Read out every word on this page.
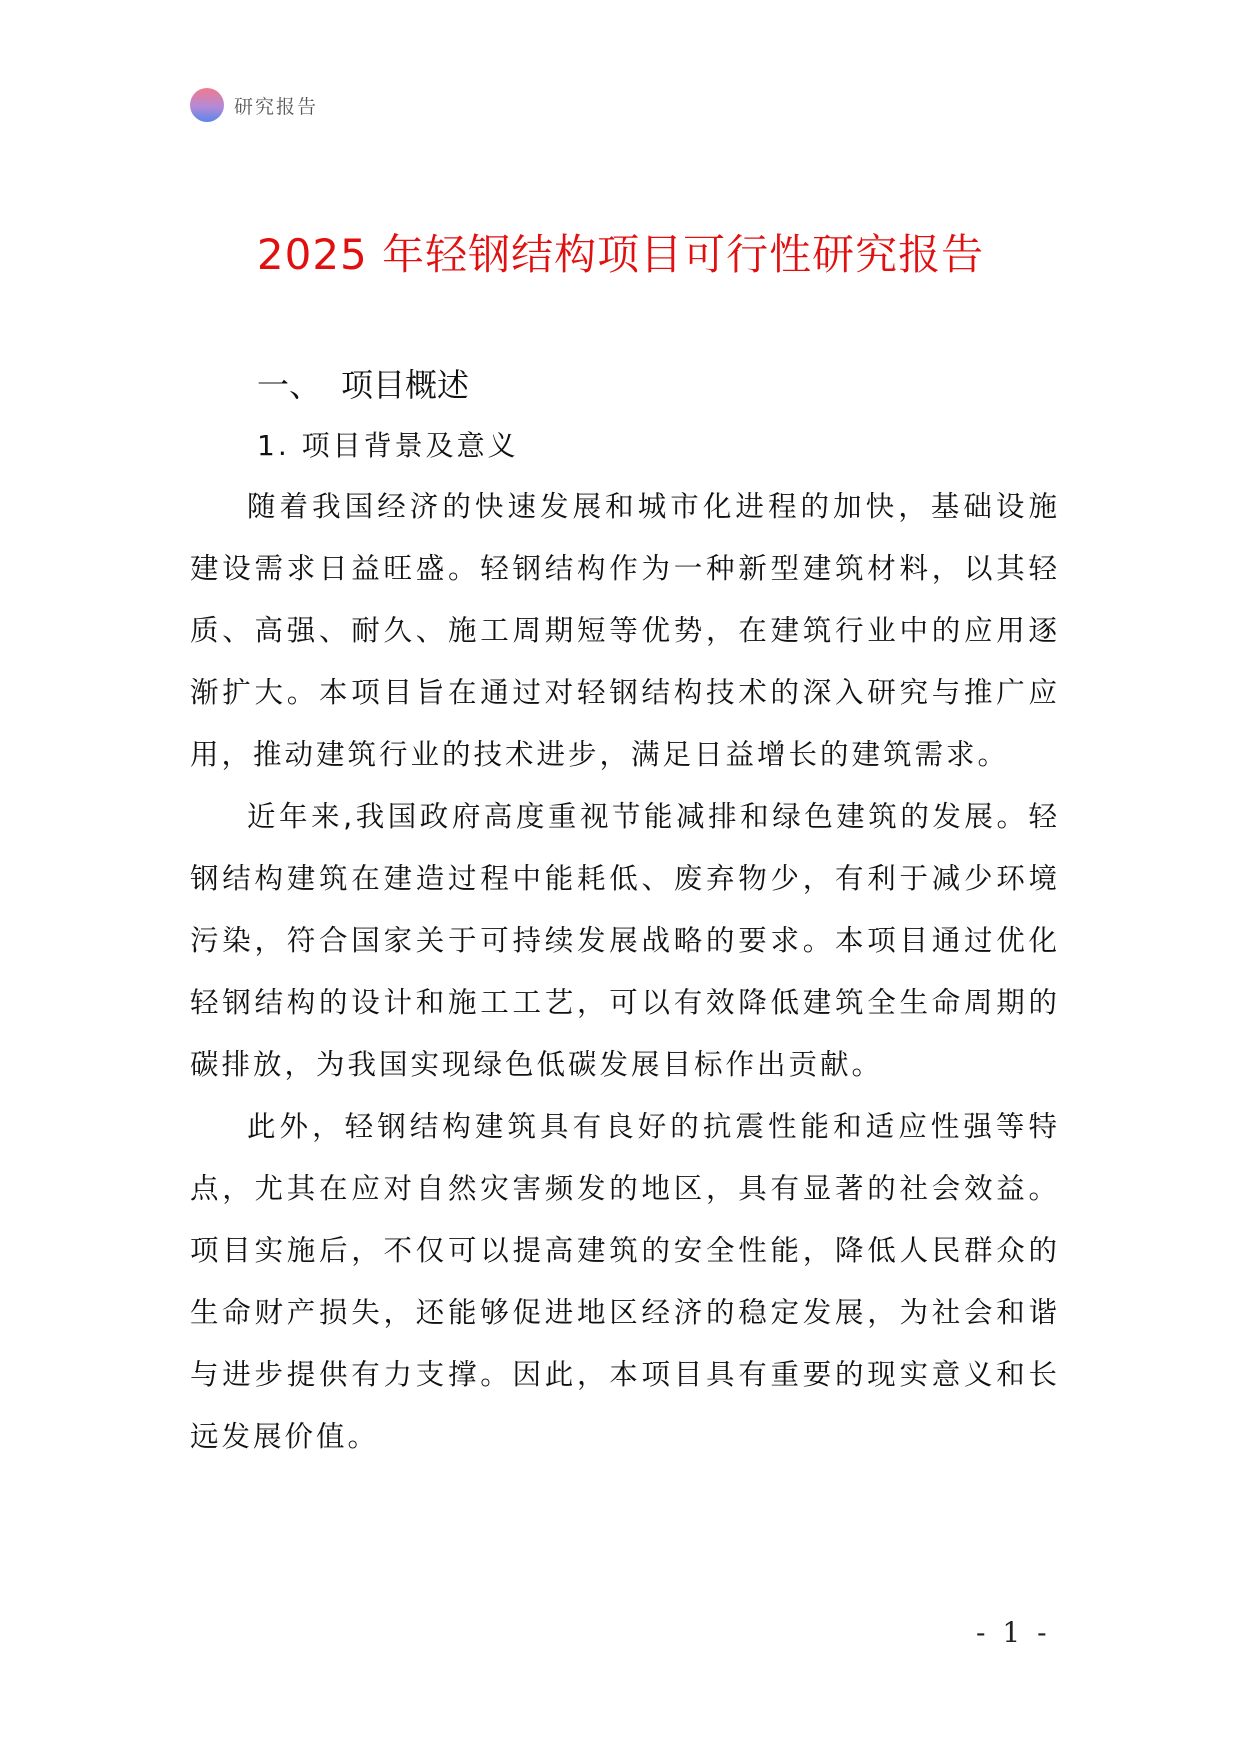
研究报告
2025 年轻钢结构项目可行性研究报告
一、 项目概述
1. 项目背景及意义

随着我国经济的快速发展和城市化进程的加快，基础设施建设需求日益旺盛。轻钢结构作为一种新型建筑材料，以其轻质、高强、耐久、施工周期短等优势，在建筑行业中的应用逐渐扩大。本项目旨在通过对轻钢结构技术的深入研究与推广应用，推动建筑行业的技术进步，满足日益增长的建筑需求。

近年来,我国政府高度重视节能减排和绿色建筑的发展。轻钢结构建筑在建造过程中能耗低、废弃物少，有利于减少环境污染，符合国家关于可持续发展战略的要求。本项目通过优化轻钢结构的设计和施工工艺，可以有效降低建筑全生命周期的碳排放，为我国实现绿色低碳发展目标作出贡献。

此外，轻钢结构建筑具有良好的抗震性能和适应性强等特点，尤其在应对自然灾害频发的地区，具有显著的社会效益。项目实施后，不仅可以提高建筑的安全性能，降低人民群众的生命财产损失，还能够促进地区经济的稳定发展，为社会和谐与进步提供有力支撑。因此，本项目具有重要的现实意义和长远发展价值。

- 1 -
